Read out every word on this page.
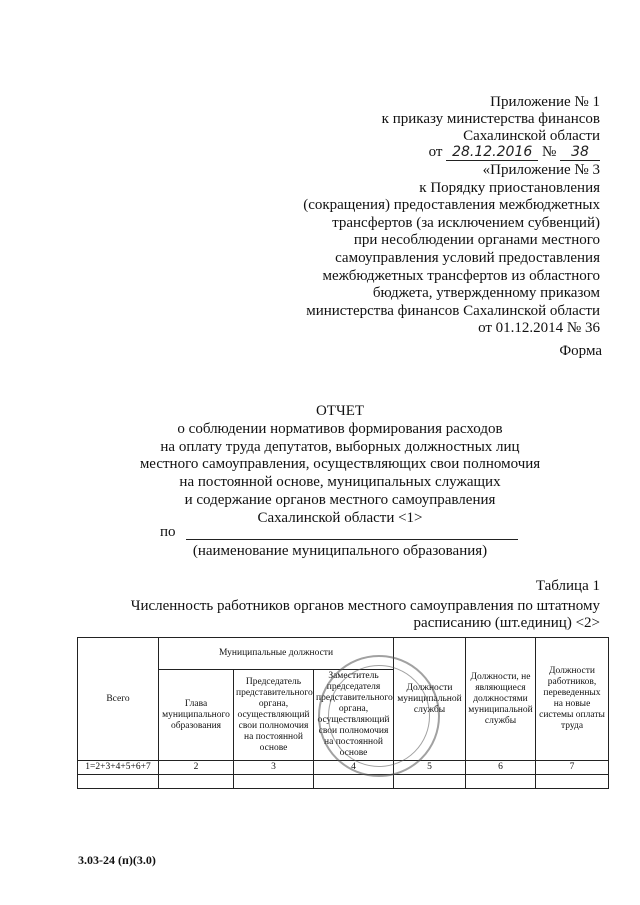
Приложение № 1
к приказу министерства финансов
Сахалинской области
от 28.12.2016 № 38
«Приложение № 3
к Порядку приостановления
(сокращения) предоставления межбюджетных
трансфертов (за исключением субвенций)
при несоблюдении органами местного
самоуправления условий предоставления
межбюджетных трансфертов из областного
бюджета, утвержденному приказом
министерства финансов Сахалинской области
от 01.12.2014 № 36
Форма
ОТЧЕТ
о соблюдении нормативов формирования расходов
на оплату труда депутатов, выборных должностных лиц
местного самоуправления, осуществляющих свои полномочия
на постоянной основе, муниципальных служащих
и содержание органов местного самоуправления
Сахалинской области <1>
по
(наименование муниципального образования)
Таблица 1
Численность работников органов местного самоуправления по штатному
расписанию (шт.единиц) <2>
Всего	Муниципальные должности			Должности муниципальной службы	Должности, не являющиеся должностями муниципальной службы	Должности работников, переведенных на новые системы оплаты труда
	Глава муниципального образования	Председатель представительного органа, осуществляющий свои полномочия на постоянной основе	Заместитель председателя представительного органа, осуществляющий свои полномочия на постоянной основе			
1=2+3+4+5+6+7	2	3	4	5	6	7

3.03-24 (п)(3.0)
